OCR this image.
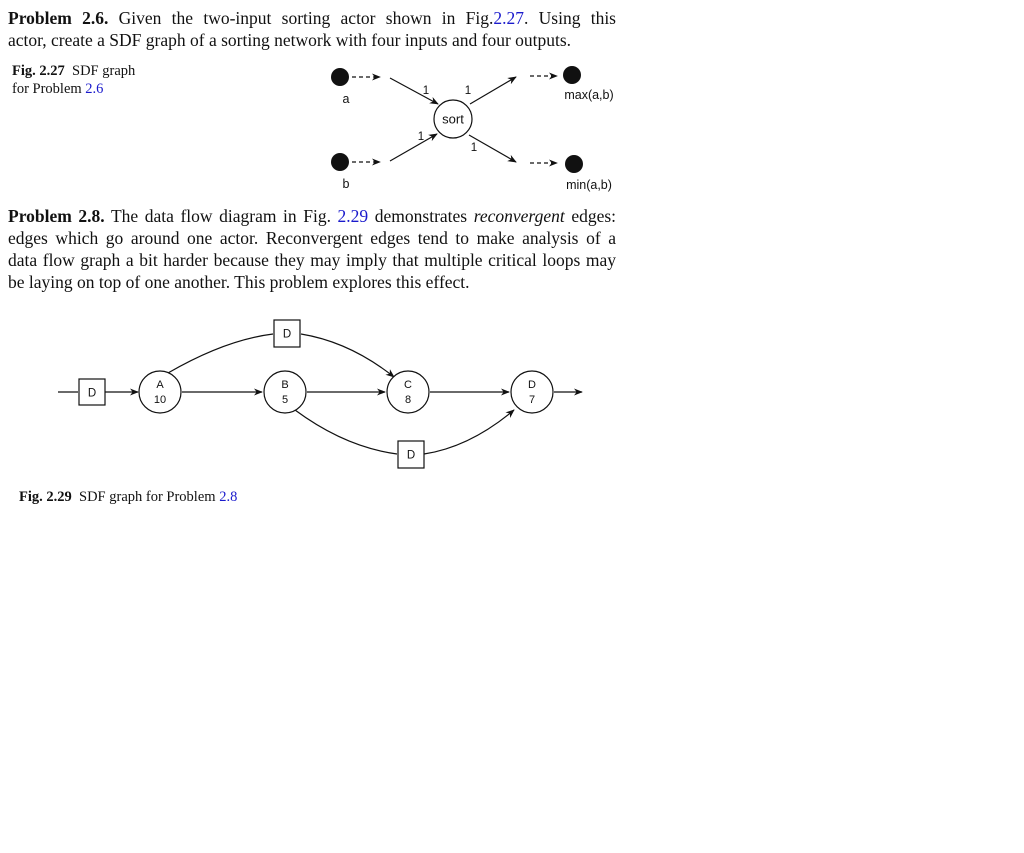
Problem 2.6. Given the two-input sorting actor shown in Fig.2.27. Using this
actor, create a SDF graph of a sorting network with four inputs and four outputs.
Fig. 2.27 SDF graph
for Problem 2.6
Problem 2.8. The data flow diagram in Fig. 2.29 demonstrates reconvergent edges:
edges which go around one actor. Reconvergent edges tend to make analysis of a
data flow graph a bit harder because they may imply that multiple critical loops may
be laying on top of one another. This problem explores this effect.
Fig. 2.29 SDF graph for Problem 2.8
sort
1
1
1
1
a
b
max(a,b)
min(a,b)
D
D
D
A
10
B
5
C
8
D
7
